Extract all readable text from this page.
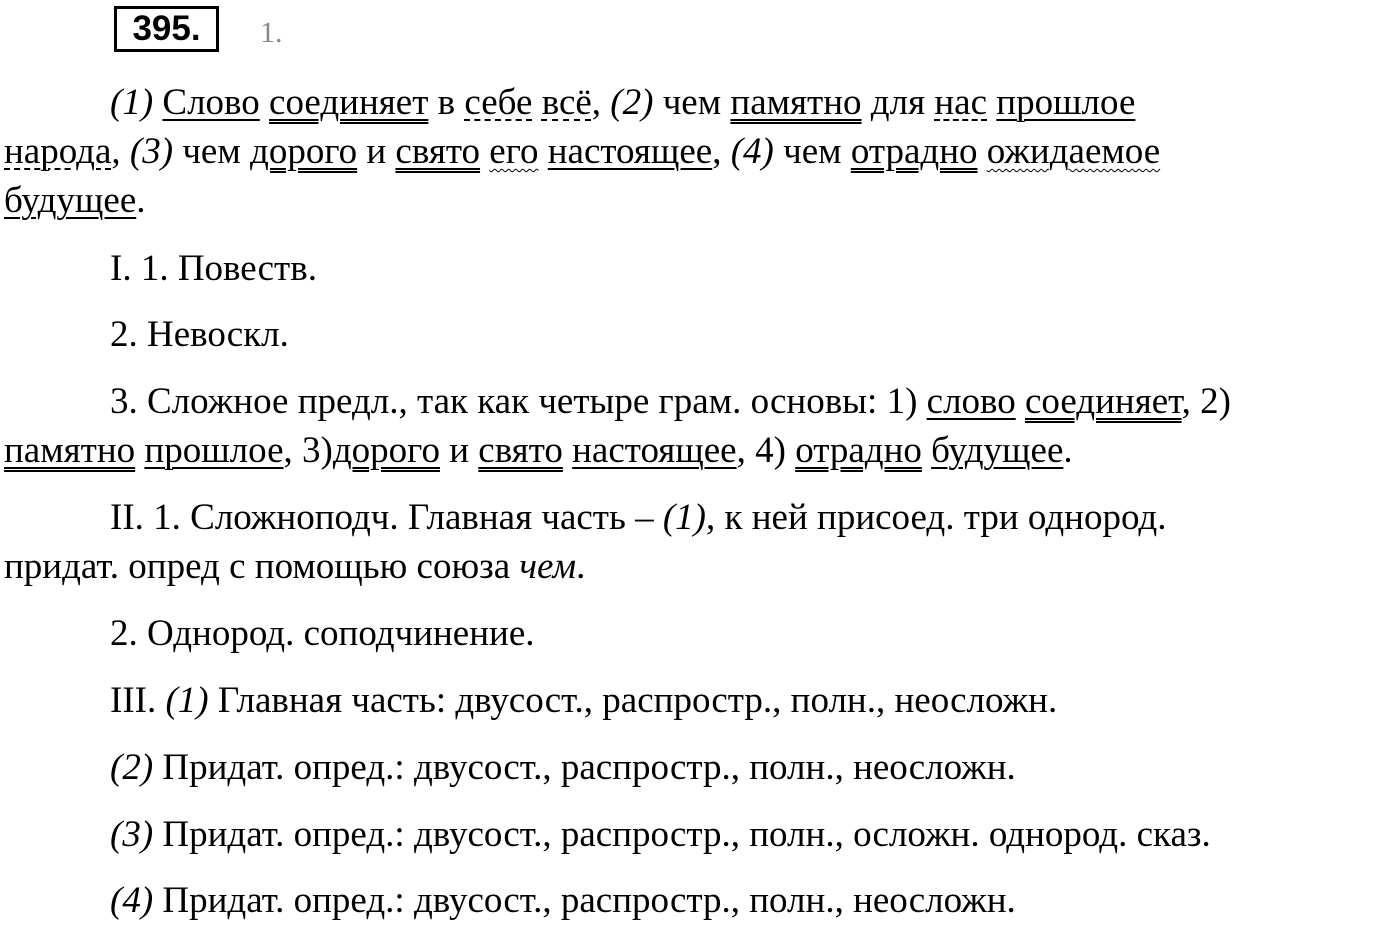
395.	1.

(1) Слово соединяет в себе всё, (2) чем памятно для нас прошлое
народа, (3) чем дорого и свято его настоящее, (4) чем отрадно ожидаемое
будущее.

I. 1. Повеств.

2. Невоскл.

3. Сложное предл., так как четыре грам. основы: 1) слово соединяет, 2)
памятно прошлое, 3)дорого и свято настоящее, 4) отрадно будущее.

II. 1. Сложноподч. Главная часть – (1), к ней присоед. три однород.
придат. опред с помощью союза чем.

2. Однород. соподчинение.

III. (1) Главная часть: двусост., распростр., полн., неосложн.

(2) Придат. опред.: двусост., распростр., полн., неосложн.

(3) Придат. опред.: двусост., распростр., полн., осложн. однород. сказ.

(4) Придат. опред.: двусост., распростр., полн., неосложн.
